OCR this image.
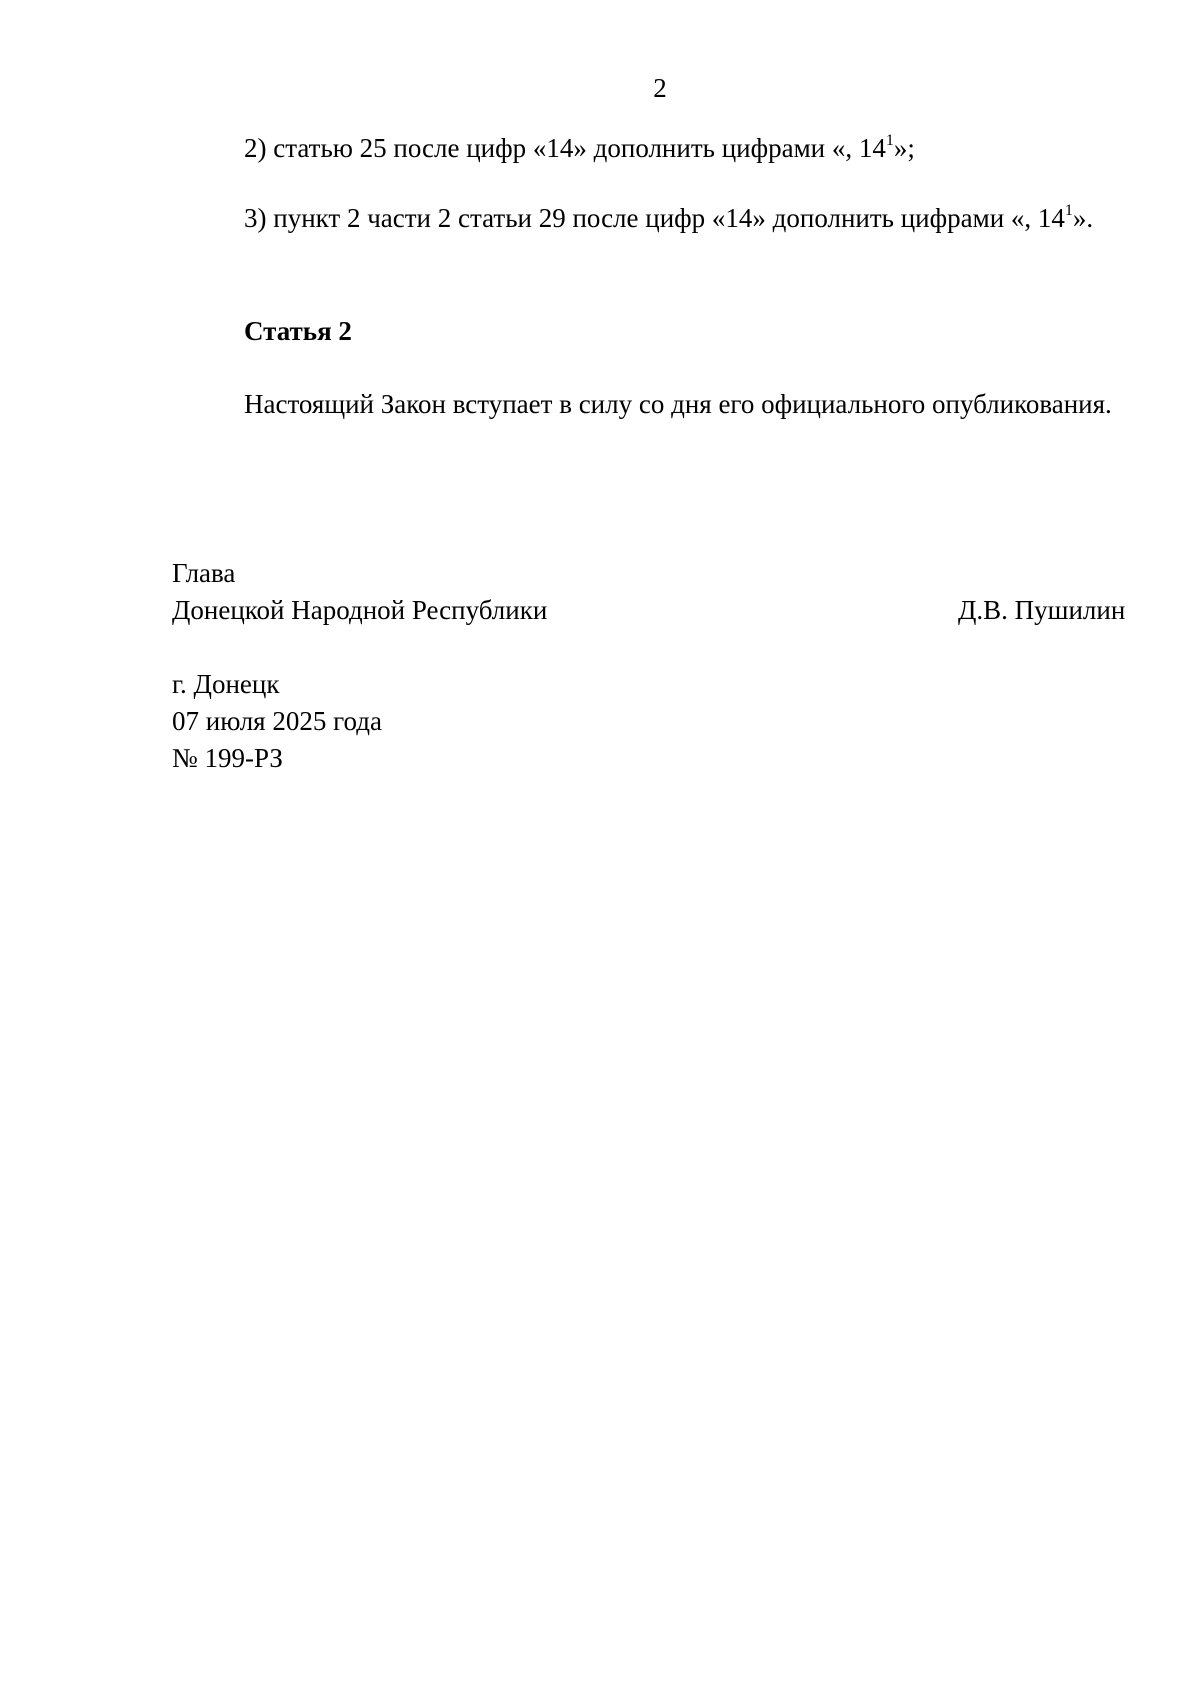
2
2) статью 25 после цифр «14» дополнить цифрами «, $14^1$»;
3) пункт 2 части 2 статьи 29 после цифр «14» дополнить цифрами «, $14^1$».
Статья 2
Настоящий Закон вступает в силу со дня его официального опубликования.
Глава
Донецкой Народной Республики	Д.В. Пушилин
г. Донецк
07 июля 2025 года
№ 199-РЗ
